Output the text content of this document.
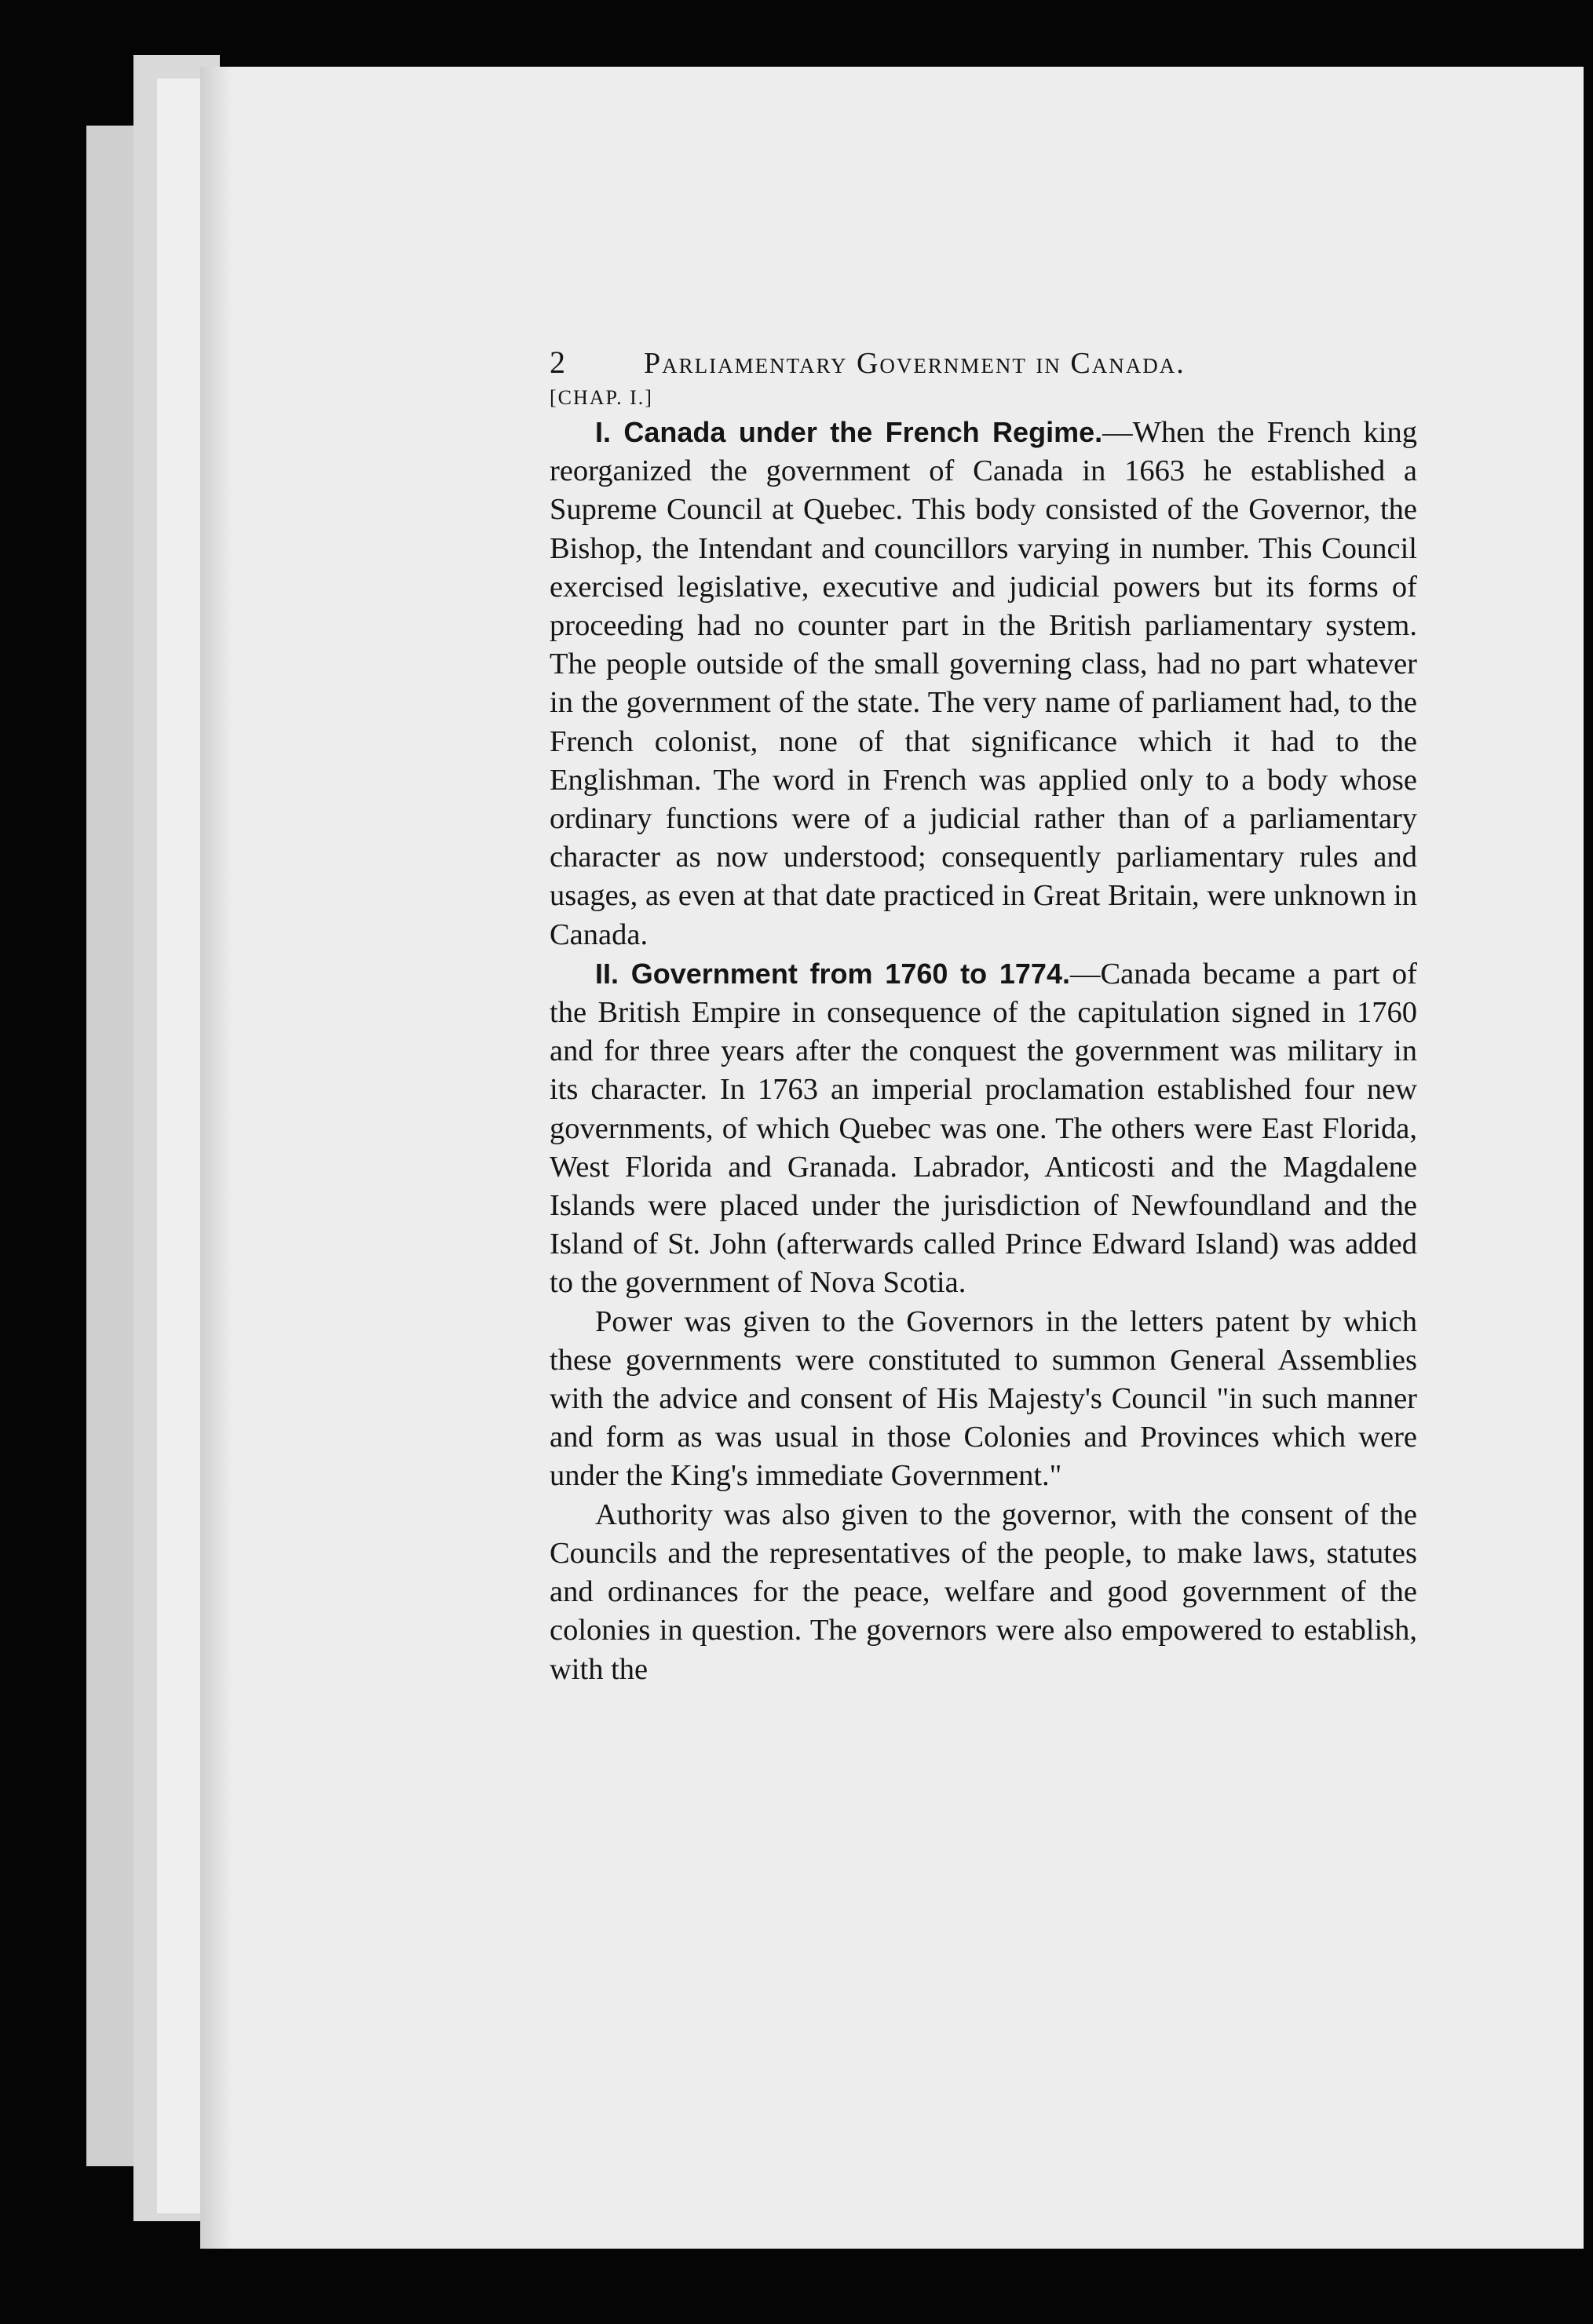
2	Parliamentary Government in Canada.
[CHAP. I.]

I. Canada under the French Regime.—When the French king reorganized the government of Canada in 1663 he established a Supreme Council at Quebec. This body consisted of the Governor, the Bishop, the Intendant and councillors varying in number. This Council exercised legislative, executive and judicial powers but its forms of proceeding had no counter part in the British parliamentary system. The people outside of the small governing class, had no part whatever in the government of the state. The very name of parliament had, to the French colonist, none of that significance which it had to the Englishman. The word in French was applied only to a body whose ordinary functions were of a judicial rather than of a parliamentary character as now understood; consequently parliamentary rules and usages, as even at that date practiced in Great Britain, were unknown in Canada.

II. Government from 1760 to 1774.—Canada became a part of the British Empire in consequence of the capitulation signed in 1760 and for three years after the conquest the government was military in its character. In 1763 an imperial proclamation established four new governments, of which Quebec was one. The others were East Florida, West Florida and Granada. Labrador, Anticosti and the Magdalene Islands were placed under the jurisdiction of Newfoundland and the Island of St. John (afterwards called Prince Edward Island) was added to the government of Nova Scotia.

Power was given to the Governors in the letters patent by which these governments were constituted to summon General Assemblies with the advice and consent of His Majesty's Council "in such manner and form as was usual in those Colonies and Provinces which were under the King's immediate Government."

Authority was also given to the governor, with the consent of the Councils and the representatives of the people, to make laws, statutes and ordinances for the peace, welfare and good government of the colonies in question. The governors were also empowered to establish, with the
